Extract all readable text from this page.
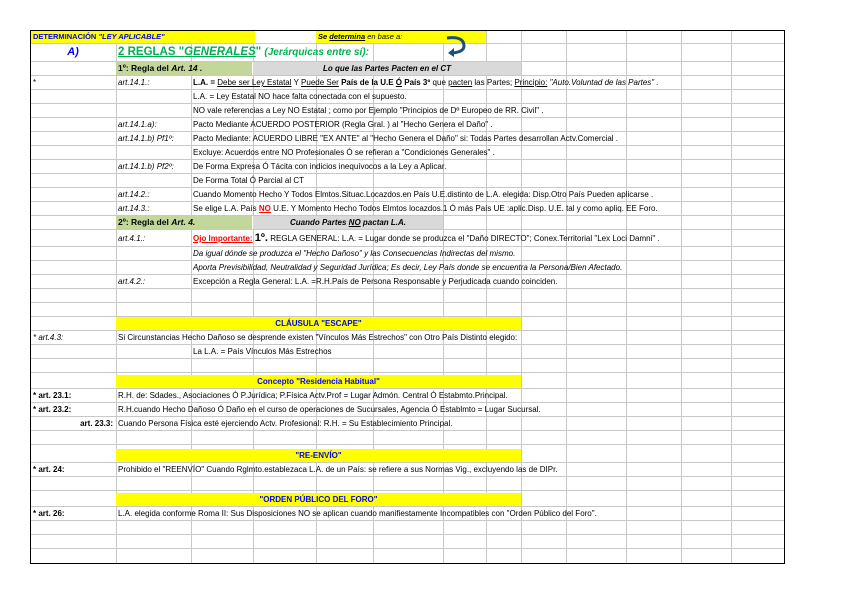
DETERMINACIÓN "LEY APLICABLE"	Se determina en base a:
A)	2 REGLAS "GENERALES" (Jerárquicas entre sí):
1º: Regla del Art. 14 .	Lo que las Partes Pacten en el CT
*	art.14.1.:	L.A. = Debe ser Ley Estatal Y Puede Ser País de la U.E Ó País 3º que pacten las Partes; Principio: "Auto.Voluntad de las Partes" .
L.A. = Ley Estatal NO hace falta conectada con el supuesto.
NO vale referencias a Ley NO Estatal ; como por Ejemplo "Principios de Dº Europeo de RR. Civil" .
art.14.1.a):	Pacto Mediante ACUERDO POSTERIOR (Regla Gral. ) al "Hecho Genera el Daño" .
art.14.1.b) Pf1º:	Pacto Mediante: ACUERDO LIBRE "EX ANTE" al "Hecho Genera el Daño" si: Todas Partes desarrollan Actv.Comercial .
Excluye: Acuerdos entre NO Profesionales Ó se refieran a "Condiciones Generales" .
art.14.1.b) Pf2º:	De Forma Expresa Ó Tácita con indicios inequívocos a la Ley a Aplicar.
De Forma Total Ó Parcial al CT
art.14.2.:	Cuando Momento Hecho Y Todos Elmtos.Situac.Locazdos.en País U.E.distinto de L.A. elegida: Disp.Otro País Pueden aplicarse .
art.14.3.:	Se elige L.A. País NO U.E. Y Momento Hecho Todos Elmtos locazdos.1 Ó más País UE :aplic.Disp. U.E. tal y como apliq. EE Foro.
2º: Regla del Art. 4.	Cuando Partes NO pactan L.A.
art.4.1.:	Ojo Importante: 1º. REGLA GENERAL: L.A. = Lugar donde se produzca el "Daño DIRECTO"; Conex.Territorial "Lex Loci Damni" .
Da igual dónde se produzca el "Hecho Dañoso" y las Consecuencias Indirectas del mismo.
Aporta Previsibilidad, Neutralidad y Seguridad Jurídica; Es decir, Ley País donde se encuentra la Persona/Bien Afectado.
art.4.2.:	Excepción a Regla General: L.A. =R.H.País de Persona Responsable y Perjudicada cuando coinciden.
CLÁUSULA "ESCAPE"
* art.4.3:	Si Circunstancias Hecho Dañoso se desprende existen "Vínculos Más Estrechos" con Otro País Distinto elegido:
La L.A. = País Vínculos Más Estrechos
Concepto "Residencia Habitual"
* art. 23.1:	R.H. de: Sdades., Asociaciones Ó P.Jurídica; P.Física Actv.Prof = Lugar Admón. Central Ó Estabmto.Principal.
* art. 23.2:	R.H.cuando Hecho Dañoso Ó Daño en el curso de operaciones de Sucursales, Agencia Ó Establmto = Lugar Sucursal.
art. 23.3: Cuando Persona Física esté ejerciendo Actv. Profesional: R.H. = Su Establecimiento Principal.
"RE-ENVÍO"
* art. 24:	Prohibido el "REENVÍO" Cuando Rglmto.establezaca L.A. de un País: se refiere a sus Normas Vig., excluyendo las de DIPr.
"ORDEN PÚBLICO DEL FORO"
* art. 26:	L.A. elegida conforme Roma II: Sus Disposiciones NO se aplican cuando manifiestamente Incompatibles con "Orden Público del Foro".
